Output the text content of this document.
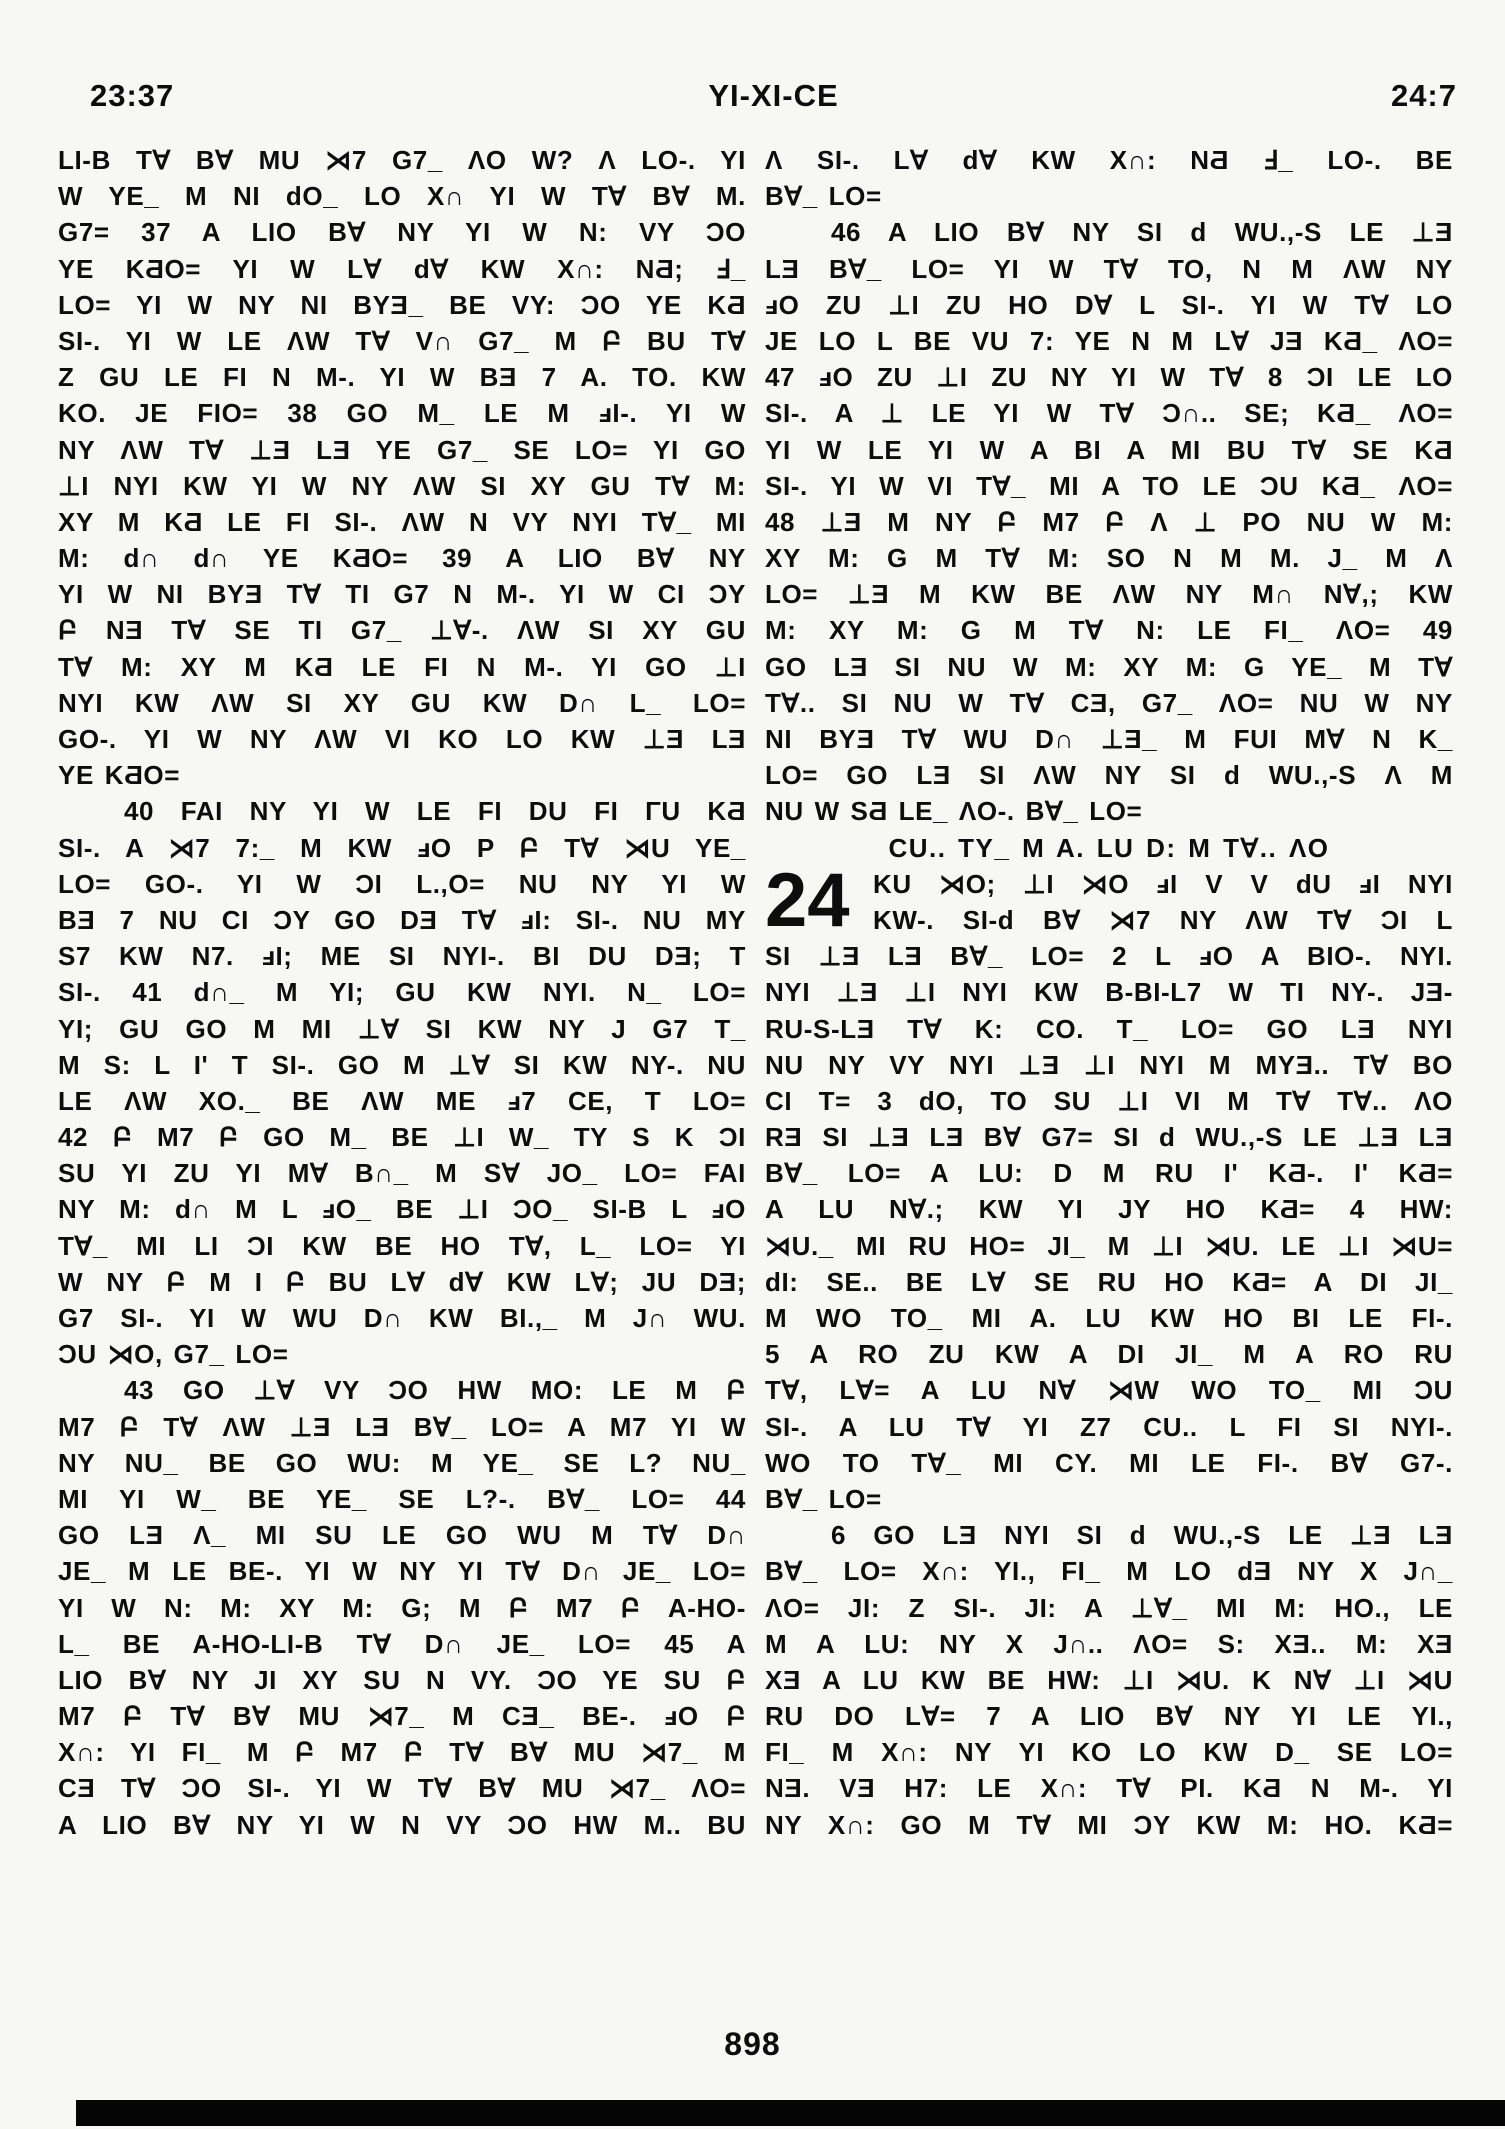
23:37	YI-XI-CE	24:7
LI-B T∀ B∀ MU ⋊7 G7_ ΛO W? Λ LO-. YI
W YE_ M NI dO_ LO X∩ YI W T∀ B∀ M.
G7= 37 A LIO B∀ NY YI W N: VY ƆO
YE KƋO= YI W L∀ d∀ KW X∩: NƋ; Ⅎ_
LO= YI W NY NI BYƎ_ BE VY: ƆO YE KƋ
SI-. YI W LE ΛW T∀ V∩ G7_ M Բ BU T∀
Z GU LE FI N M-. YI W BƎ 7 A. TO. KW
KO. JE FIO= 38 GO M_ LE M ⅎI-. YI W
NY ΛW T∀ ⊥Ǝ LƎ YE G7_ SE LO= YI GO
⊥I NYI KW YI W NY ΛW SI XY GU T∀ M:
XY M KƋ LE FI SI-. ΛW N VY NYI T∀_ MI
M: d∩ d∩ YE KƋO= 39 A LIO B∀ NY
YI W NI BYƎ T∀ TI G7 N M-. YI W CI ƆY
Բ NƎ T∀ SE TI G7_ ⊥∀-. ΛW SI XY GU
T∀ M: XY M KƋ LE FI N M-. YI GO ⊥I
NYI KW ΛW SI XY GU KW D∩ L_ LO=
GO-. YI W NY ΛW VI KO LO KW ⊥Ǝ LƎ
YE KƋO=
40 FAI NY YI W LE FI DU FI ΓU KƋ
SI-. A ⋊7 7:_ M KW ⅎO P Բ T∀ ⋊U YE_
LO= GO-. YI W ƆI L.,O= NU NY YI W
BƎ 7 NU CI ƆY GO DƎ T∀ ⅎI: SI-. NU MY
S7 KW N7. ⅎI; ME SI NYI-. BI DU DƎ; T
SI-. 41 d∩_ M YI; GU KW NYI. N_ LO=
YI; GU GO M MI ⊥∀ SI KW NY J G7 T_
M S: L I' T SI-. GO M ⊥∀ SI KW NY-. NU
LE ΛW XO._ BE ΛW ME ⅎ7 CE, T LO=
42 Բ M7 Բ GO M_ BE ⊥I W_ TY S K ƆI
SU YI ZU YI M∀ B∩_ M S∀ JO_ LO= FAI
NY M: d∩ M L ⅎO_ BE ⊥I ƆO_ SI-B L ⅎO
T∀_ MI LI ƆI KW BE HO T∀, L_ LO= YI
W NY Բ M I Բ BU L∀ d∀ KW L∀; JU DƎ;
G7 SI-. YI W WU D∩ KW BI.,_ M J∩ WU.
ƆU ⋊O, G7_ LO=
43 GO ⊥∀ VY ƆO HW MO: LE M Բ
M7 Բ T∀ ΛW ⊥Ǝ LƎ B∀_ LO= A M7 YI W
NY NU_ BE GO WU: M YE_ SE L? NU_
MI YI W_ BE YE_ SE L?-. B∀_ LO= 44
GO LƎ Λ_ MI SU LE GO WU M T∀ D∩
JE_ M LE BE-. YI W NY YI T∀ D∩ JE_ LO=
YI W N: M: XY M: G; M Բ M7 Բ A-HO-
L_ BE A-HO-LI-B T∀ D∩ JE_ LO= 45 A
LIO B∀ NY JI XY SU N VY. ƆO YE SU Բ
M7 Բ T∀ B∀ MU ⋊7_ M CƎ_ BE-. ⅎO Բ
X∩: YI FI_ M Բ M7 Բ T∀ B∀ MU ⋊7_ M
CƎ T∀ ƆO SI-. YI W T∀ B∀ MU ⋊7_ ΛO=
A LIO B∀ NY YI W N VY ƆO HW M.. BU
Λ SI-. L∀ d∀ KW X∩: NƋ Ⅎ_ LO-. BE
B∀_ LO=
46 A LIO B∀ NY SI d WU.,-S LE ⊥Ǝ
LƎ B∀_ LO= YI W T∀ TO, N M ΛW NY
ⅎO ZU ⊥I ZU HO D∀ L SI-. YI W T∀ LO
JE LO L BE VU 7: YE N M L∀ JƎ KƋ_ ΛO=
47 ⅎO ZU ⊥I ZU NY YI W T∀ 8 ƆI LE LO
SI-. A ⊥ LE YI W T∀ Ɔ∩.. SE; KƋ_ ΛO=
YI W LE YI W A BI A MI BU T∀ SE KƋ
SI-. YI W VI T∀_ MI A TO LE ƆU KƋ_ ΛO=
48 ⊥Ǝ M NY Բ M7 Բ Λ ⊥ PO NU W M:
XY M: G M T∀ M: SO N M M. J_ M Λ
LO= ⊥Ǝ M KW BE ΛW NY M∩ N∀,; KW
M: XY M: G M T∀ N: LE FI_ ΛO= 49
GO LƎ SI NU W M: XY M: G YE_ M T∀
T∀.. SI NU W T∀ CƎ, G7_ ΛO= NU W NY
NI BYƎ T∀ WU D∩ ⊥Ǝ_ M FUI M∀ N K_
LO= GO LƎ SI ΛW NY SI d WU.,-S Λ M
NU W SƋ LE_ ΛO-. B∀_ LO=
CU.. TY_ M A. LU D: M T∀.. ΛO
24 KU ⋊O; ⊥I ⋊O ⅎI V V dU ⅎI NYI
KW-. SI-d B∀ ⋊7 NY ΛW T∀ ƆI L
SI ⊥Ǝ LƎ B∀_ LO= 2 L ⅎO A BIO-. NYI.
NYI ⊥Ǝ ⊥I NYI KW B-BI-L7 W TI NY-. JƎ-
RU-S-LƎ T∀ K: CO. T_ LO= GO LƎ NYI
NU NY VY NYI ⊥Ǝ ⊥I NYI M MYƎ.. T∀ BO
CI T= 3 dO, TO SU ⊥I VI M T∀ T∀.. ΛO
RƎ SI ⊥Ǝ LƎ B∀ G7= SI d WU.,-S LE ⊥Ǝ LƎ
B∀_ LO= A LU: D M RU I' KƋ-. I' KƋ=
A LU N∀.; KW YI JY HO KƋ= 4 HW:
⋊U._ MI RU HO= JI_ M ⊥I ⋊U. LE ⊥I ⋊U=
dI: SE.. BE L∀ SE RU HO KƋ= A DI JI_
M WO TO_ MI A. LU KW HO BI LE FI-.
5 A RO ZU KW A DI JI_ M A RO RU
T∀, L∀= A LU N∀ ⋊W WO TO_ MI ƆU
SI-. A LU T∀ YI Z7 CU.. L FI SI NYI-.
WO TO T∀_ MI CY. MI LE FI-. B∀ G7-.
B∀_ LO=
6 GO LƎ NYI SI d WU.,-S LE ⊥Ǝ LƎ
B∀_ LO= X∩: YI., FI_ M LO dƎ NY X J∩_
ΛO= JI: Z SI-. JI: A ⊥∀_ MI M: HO., LE
M A LU: NY X J∩.. ΛO= S: XƎ.. M: XƎ
XƎ A LU KW BE HW: ⊥I ⋊U. K N∀ ⊥I ⋊U
RU DO L∀= 7 A LIO B∀ NY YI LE YI.,
FI_ M X∩: NY YI KO LO KW D_ SE LO=
NƎ. VƎ H7: LE X∩: T∀ PI. KƋ N M-. YI
NY X∩: GO M T∀ MI ƆY KW M: HO. KƋ=
898
